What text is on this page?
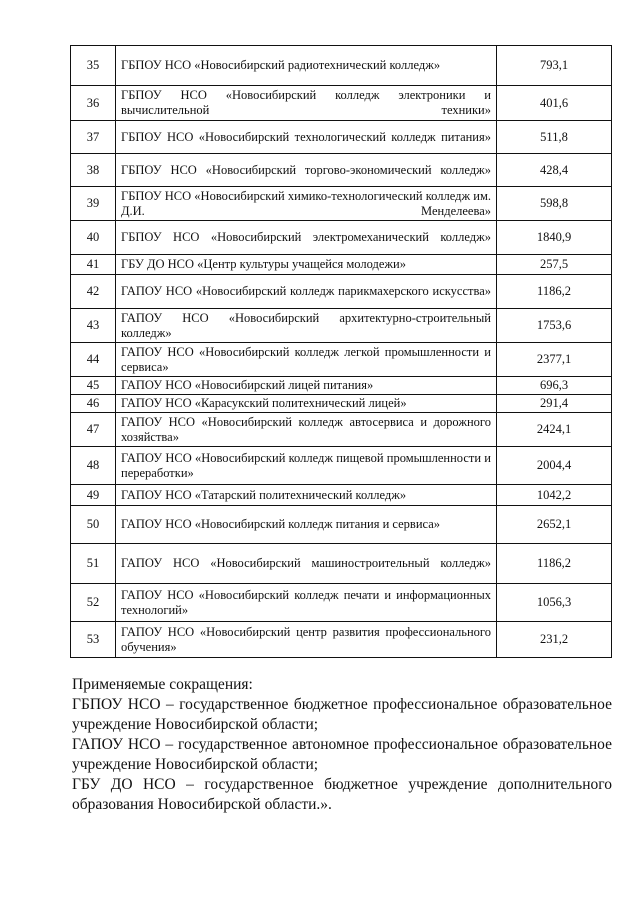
35	ГБПОУ НСО «Новосибирский радиотехнический колледж»	793,1
36	ГБПОУ НСО «Новосибирский колледж электроники и вычислительной техники»	401,6
37	ГБПОУ НСО «Новосибирский технологический колледж питания»	511,8
38	ГБПОУ НСО «Новосибирский торгово-экономический колледж»	428,4
39	ГБПОУ НСО «Новосибирский химико-технологический колледж им. Д.И. Менделеева»	598,8
40	ГБПОУ НСО «Новосибирский электромеханический колледж»	1840,9
41	ГБУ ДО НСО «Центр культуры учащейся молодежи»	257,5
42	ГАПОУ НСО «Новосибирский колледж парикмахерского искусства»	1186,2
43	ГАПОУ НСО «Новосибирский архитектурно-строительный колледж»	1753,6
44	ГАПОУ НСО «Новосибирский колледж легкой промышленности и сервиса»	2377,1
45	ГАПОУ НСО «Новосибирский лицей питания»	696,3
46	ГАПОУ НСО «Карасукский политехнический лицей»	291,4
47	ГАПОУ НСО «Новосибирский колледж автосервиса и дорожного хозяйства»	2424,1
48	ГАПОУ НСО «Новосибирский колледж пищевой промышленности и переработки»	2004,4
49	ГАПОУ НСО «Татарский политехнический колледж»	1042,2
50	ГАПОУ НСО «Новосибирский колледж питания и сервиса»	2652,1
51	ГАПОУ НСО «Новосибирский машиностроительный колледж»	1186,2
52	ГАПОУ НСО «Новосибирский колледж печати и информационных технологий»	1056,3
53	ГАПОУ НСО «Новосибирский центр развития профессионального обучения»	231,2

Применяемые сокращения:

ГБПОУ НСО – государственное бюджетное профессиональное образовательное учреждение Новосибирской области;

ГАПОУ НСО – государственное автономное профессиональное образовательное учреждение Новосибирской области;

ГБУ ДО НСО – государственное бюджетное учреждение дополнительного образования Новосибирской области.».
